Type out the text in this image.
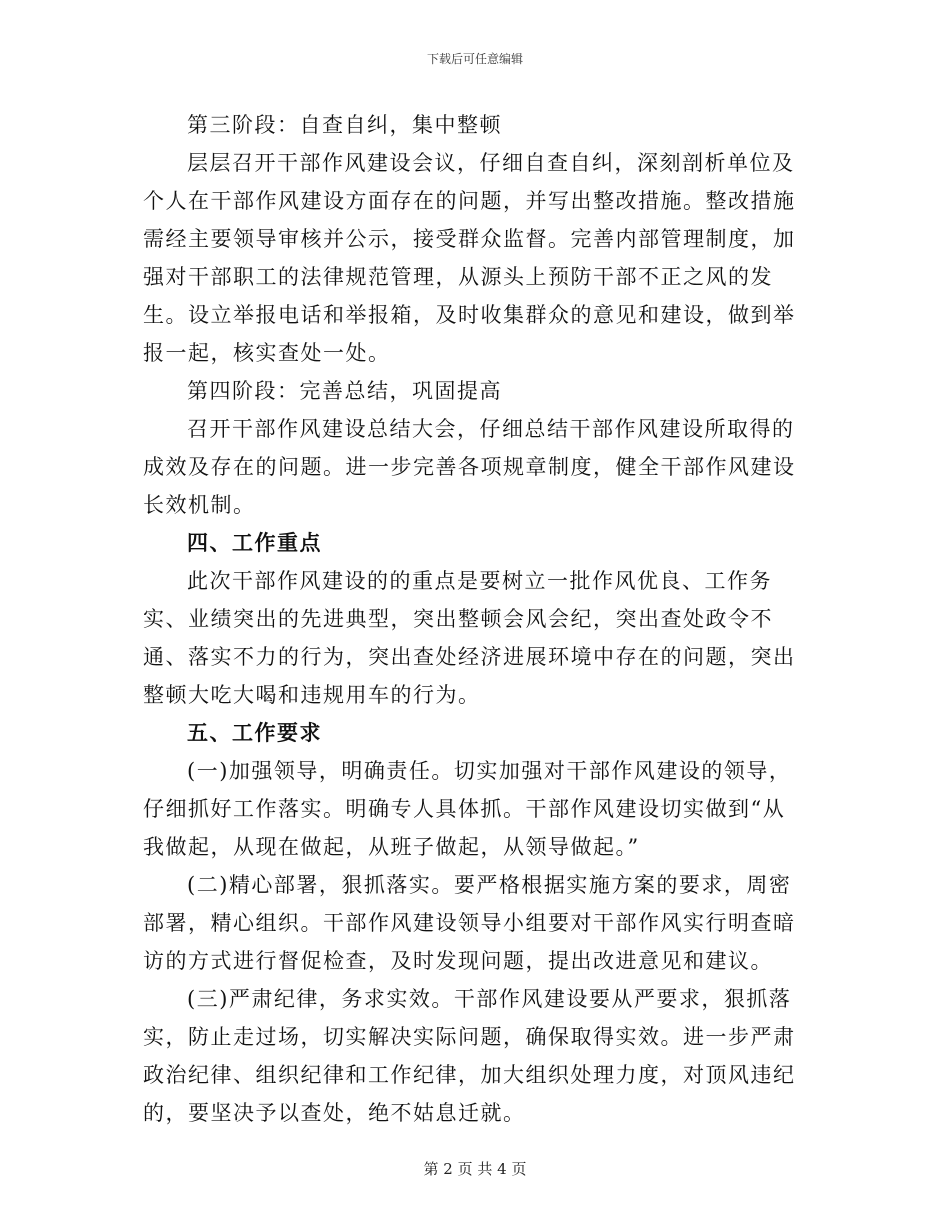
下载后可任意编辑

第三阶段：自查自纠，集中整顿

层层召开干部作风建设会议，仔细自查自纠，深刻剖析单位及个人在干部作风建设方面存在的问题，并写出整改措施。整改措施需经主要领导审核并公示，接受群众监督。完善内部管理制度，加强对干部职工的法律规范管理，从源头上预防干部不正之风的发生。设立举报电话和举报箱，及时收集群众的意见和建设，做到举报一起，核实查处一处。

第四阶段：完善总结，巩固提高

召开干部作风建设总结大会，仔细总结干部作风建设所取得的成效及存在的问题。进一步完善各项规章制度，健全干部作风建设长效机制。

四、工作重点

此次干部作风建设的的重点是要树立一批作风优良、工作务实、业绩突出的先进典型，突出整顿会风会纪，突出查处政令不通、落实不力的行为，突出查处经济进展环境中存在的问题，突出整顿大吃大喝和违规用车的行为。

五、工作要求

(一)加强领导，明确责任。切实加强对干部作风建设的领导，仔细抓好工作落实。明确专人具体抓。干部作风建设切实做到“从我做起，从现在做起，从班子做起，从领导做起。”

(二)精心部署，狠抓落实。要严格根据实施方案的要求，周密部署，精心组织。干部作风建设领导小组要对干部作风实行明查暗访的方式进行督促检查，及时发现问题，提出改进意见和建议。

(三)严肃纪律，务求实效。干部作风建设要从严要求，狠抓落实，防止走过场，切实解决实际问题，确保取得实效。进一步严肃政治纪律、组织纪律和工作纪律，加大组织处理力度，对顶风违纪的，要坚决予以查处，绝不姑息迁就。

第 2 页 共 4 页
